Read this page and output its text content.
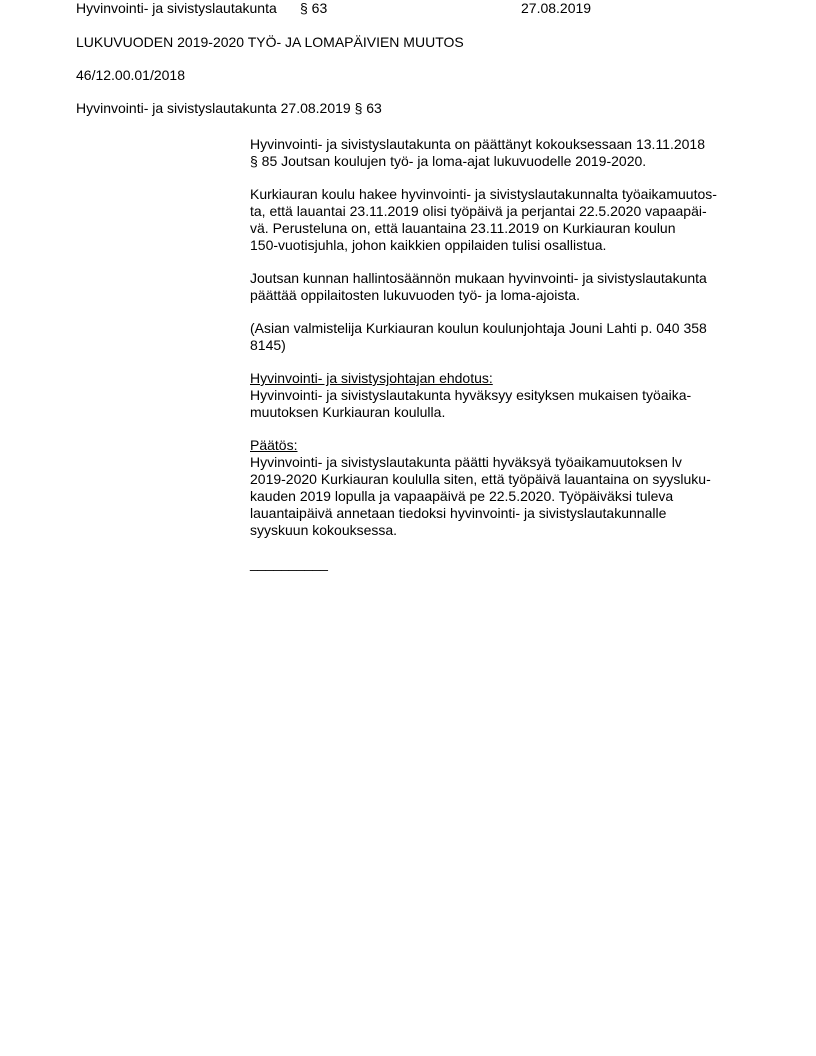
Hyvinvointi- ja sivistyslautakunta § 63	27.08.2019
LUKUVUODEN 2019-2020 TYÖ- JA LOMAPÄIVIEN MUUTOS
46/12.00.01/2018
Hyvinvointi- ja sivistyslautakunta 27.08.2019 § 63
Hyvinvointi- ja sivistyslautakunta on päättänyt kokouksessaan 13.11.2018
§ 85 Joutsan koulujen työ- ja loma-ajat lukuvuodelle 2019-2020.
Kurkiauran koulu hakee hyvinvointi- ja sivistyslautakunnalta työaikamuutos-
ta, että lauantai 23.11.2019 olisi työpäivä ja perjantai 22.5.2020 vapaapäi-
vä. Perusteluna on, että lauantaina 23.11.2019 on Kurkiauran koulun
150-vuotisjuhla, johon kaikkien oppilaiden tulisi osallistua.
Joutsan kunnan hallintosäännön mukaan hyvinvointi- ja sivistyslautakunta
päättää oppilaitosten lukuvuoden työ- ja loma-ajoista.
(Asian valmistelija Kurkiauran koulun koulunjohtaja Jouni Lahti p. 040 358
8145)
Hyvinvointi- ja sivistysjohtajan ehdotus:
Hyvinvointi- ja sivistyslautakunta hyväksyy esityksen mukaisen työaika-
muutoksen Kurkiauran koululla.
Päätös:
Hyvinvointi- ja sivistyslautakunta päätti hyväksyä työaikamuutoksen lv
2019-2020 Kurkiauran koululla siten, että työpäivä lauantaina on syysluku-
kauden 2019 lopulla ja vapaapäivä pe 22.5.2020. Työpäiväksi tuleva
lauantaipäivä annetaan tiedoksi hyvinvointi- ja sivistyslautakunnalle
syyskuun kokouksessa.
__________
